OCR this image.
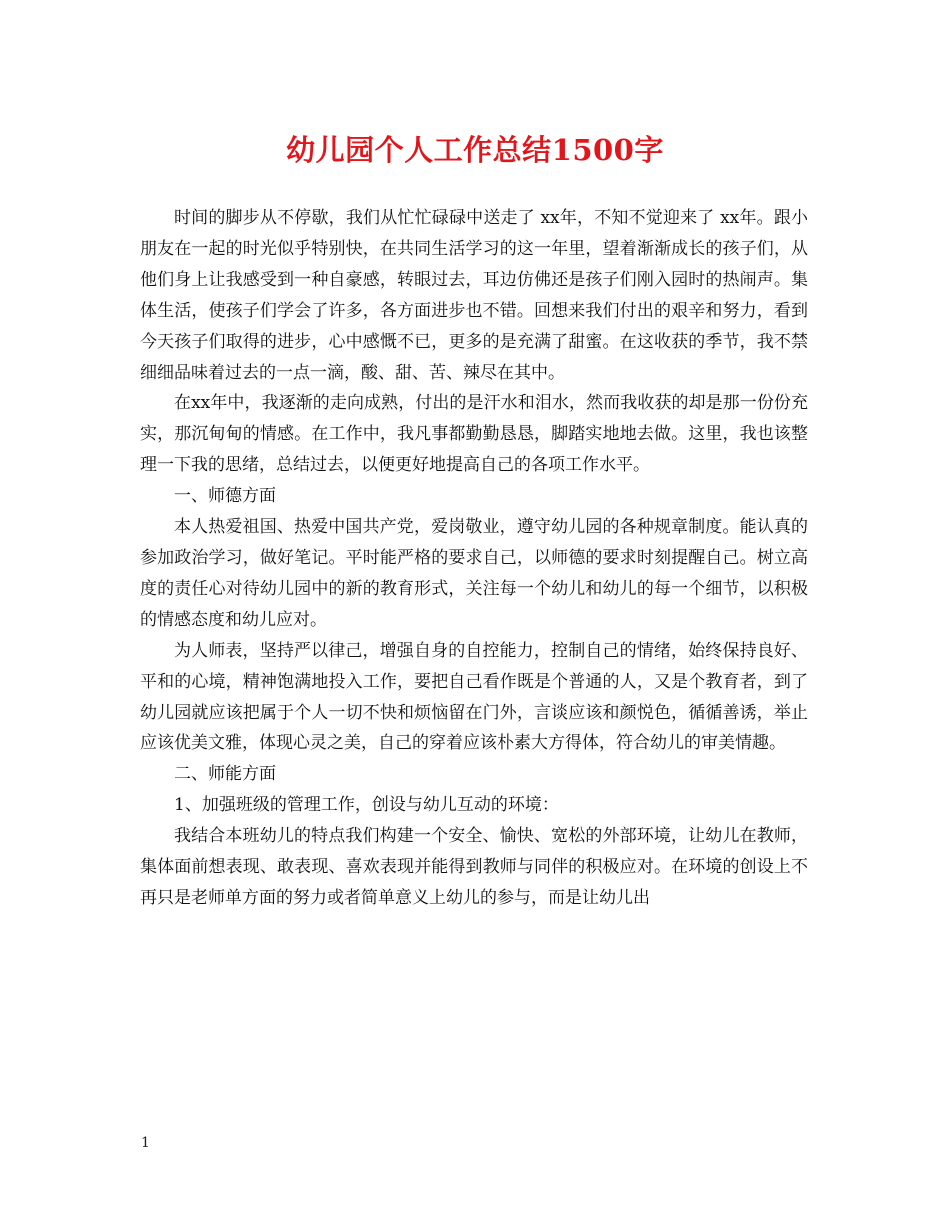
幼儿园个人工作总结1500字

时间的脚步从不停歇，我们从忙忙碌碌中送走了 xx年，不知不觉迎来了 xx年。跟小朋友在一起的时光似乎特别快，在共同生活学习的这一年里，望着渐渐成长的孩子们，从他们身上让我感受到一种自豪感，转眼过去，耳边仿佛还是孩子们刚入园时的热闹声。集体生活，使孩子们学会了许多，各方面进步也不错。回想来我们付出的艰辛和努力，看到今天孩子们取得的进步，心中感慨不已，更多的是充满了甜蜜。在这收获的季节，我不禁细细品味着过去的一点一滴，酸、甜、苦、辣尽在其中。

在xx年中，我逐渐的走向成熟，付出的是汗水和泪水，然而我收获的却是那一份份充实，那沉甸甸的情感。在工作中，我凡事都勤勤恳恳，脚踏实地地去做。这里，我也该整理一下我的思绪，总结过去，以便更好地提高自己的各项工作水平。

一、师德方面

本人热爱祖国、热爱中国共产党，爱岗敬业，遵守幼儿园的各种规章制度。能认真的参加政治学习，做好笔记。平时能严格的要求自己，以师德的要求时刻提醒自己。树立高度的责任心对待幼儿园中的新的教育形式，关注每一个幼儿和幼儿的每一个细节，以积极的情感态度和幼儿应对。

为人师表，坚持严以律己，增强自身的自控能力，控制自己的情绪，始终保持良好、平和的心境，精神饱满地投入工作，要把自己看作既是个普通的人，又是个教育者，到了幼儿园就应该把属于个人一切不快和烦恼留在门外，言谈应该和颜悦色，循循善诱，举止应该优美文雅，体现心灵之美，自己的穿着应该朴素大方得体，符合幼儿的审美情趣。

二、师能方面

1、加强班级的管理工作，创设与幼儿互动的环境：

我结合本班幼儿的特点我们构建一个安全、愉快、宽松的外部环境，让幼儿在教师，集体面前想表现、敢表现、喜欢表现并能得到教师与同伴的积极应对。在环境的创设上不再只是老师单方面的努力或者简单意义上幼儿的参与，而是让幼儿出

1
